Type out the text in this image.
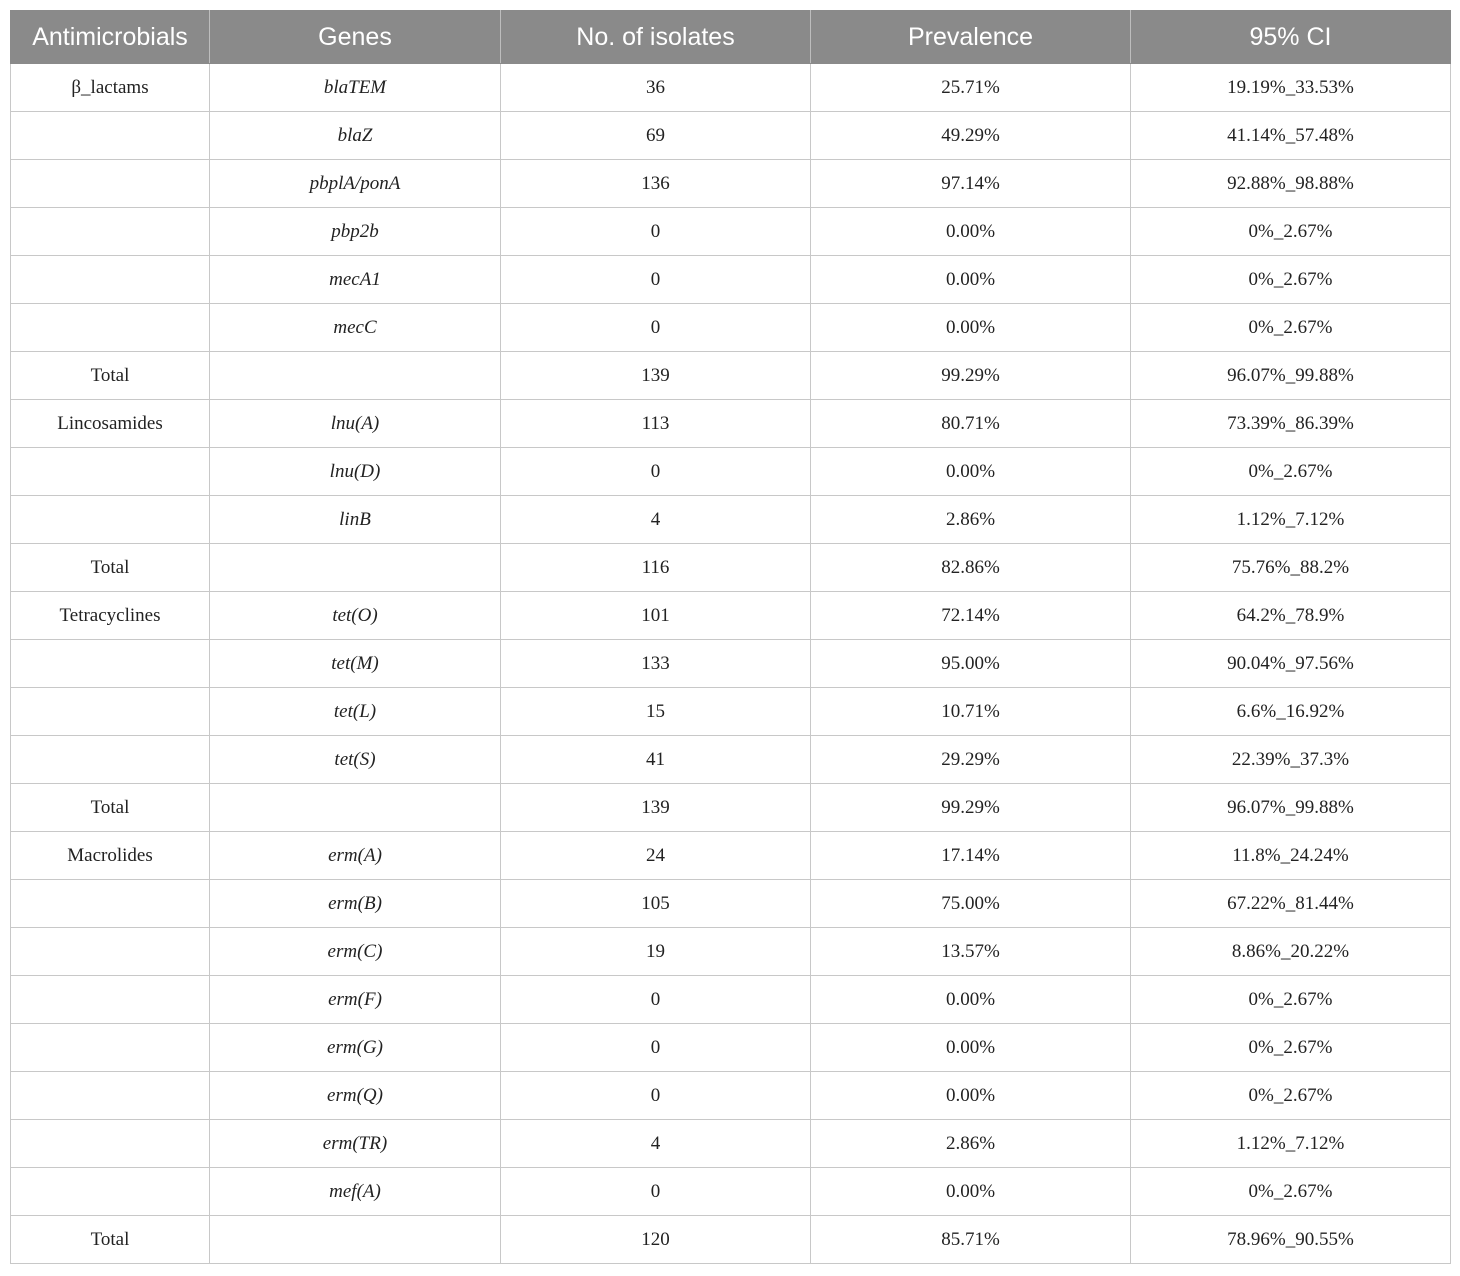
Antimicrobials	Genes	No. of isolates	Prevalence	95% CI
β_lactams	blaTEM	36	25.71%	19.19%_33.53%
	blaZ	69	49.29%	41.14%_57.48%
	pbplA/ponA	136	97.14%	92.88%_98.88%
	pbp2b	0	0.00%	0%_2.67%
	mecA1	0	0.00%	0%_2.67%
	mecC	0	0.00%	0%_2.67%
Total		139	99.29%	96.07%_99.88%
Lincosamides	lnu(A)	113	80.71%	73.39%_86.39%
	lnu(D)	0	0.00%	0%_2.67%
	linB	4	2.86%	1.12%_7.12%
Total		116	82.86%	75.76%_88.2%
Tetracyclines	tet(O)	101	72.14%	64.2%_78.9%
	tet(M)	133	95.00%	90.04%_97.56%
	tet(L)	15	10.71%	6.6%_16.92%
	tet(S)	41	29.29%	22.39%_37.3%
Total		139	99.29%	96.07%_99.88%
Macrolides	erm(A)	24	17.14%	11.8%_24.24%
	erm(B)	105	75.00%	67.22%_81.44%
	erm(C)	19	13.57%	8.86%_20.22%
	erm(F)	0	0.00%	0%_2.67%
	erm(G)	0	0.00%	0%_2.67%
	erm(Q)	0	0.00%	0%_2.67%
	erm(TR)	4	2.86%	1.12%_7.12%
	mef(A)	0	0.00%	0%_2.67%
Total		120	85.71%	78.96%_90.55%
